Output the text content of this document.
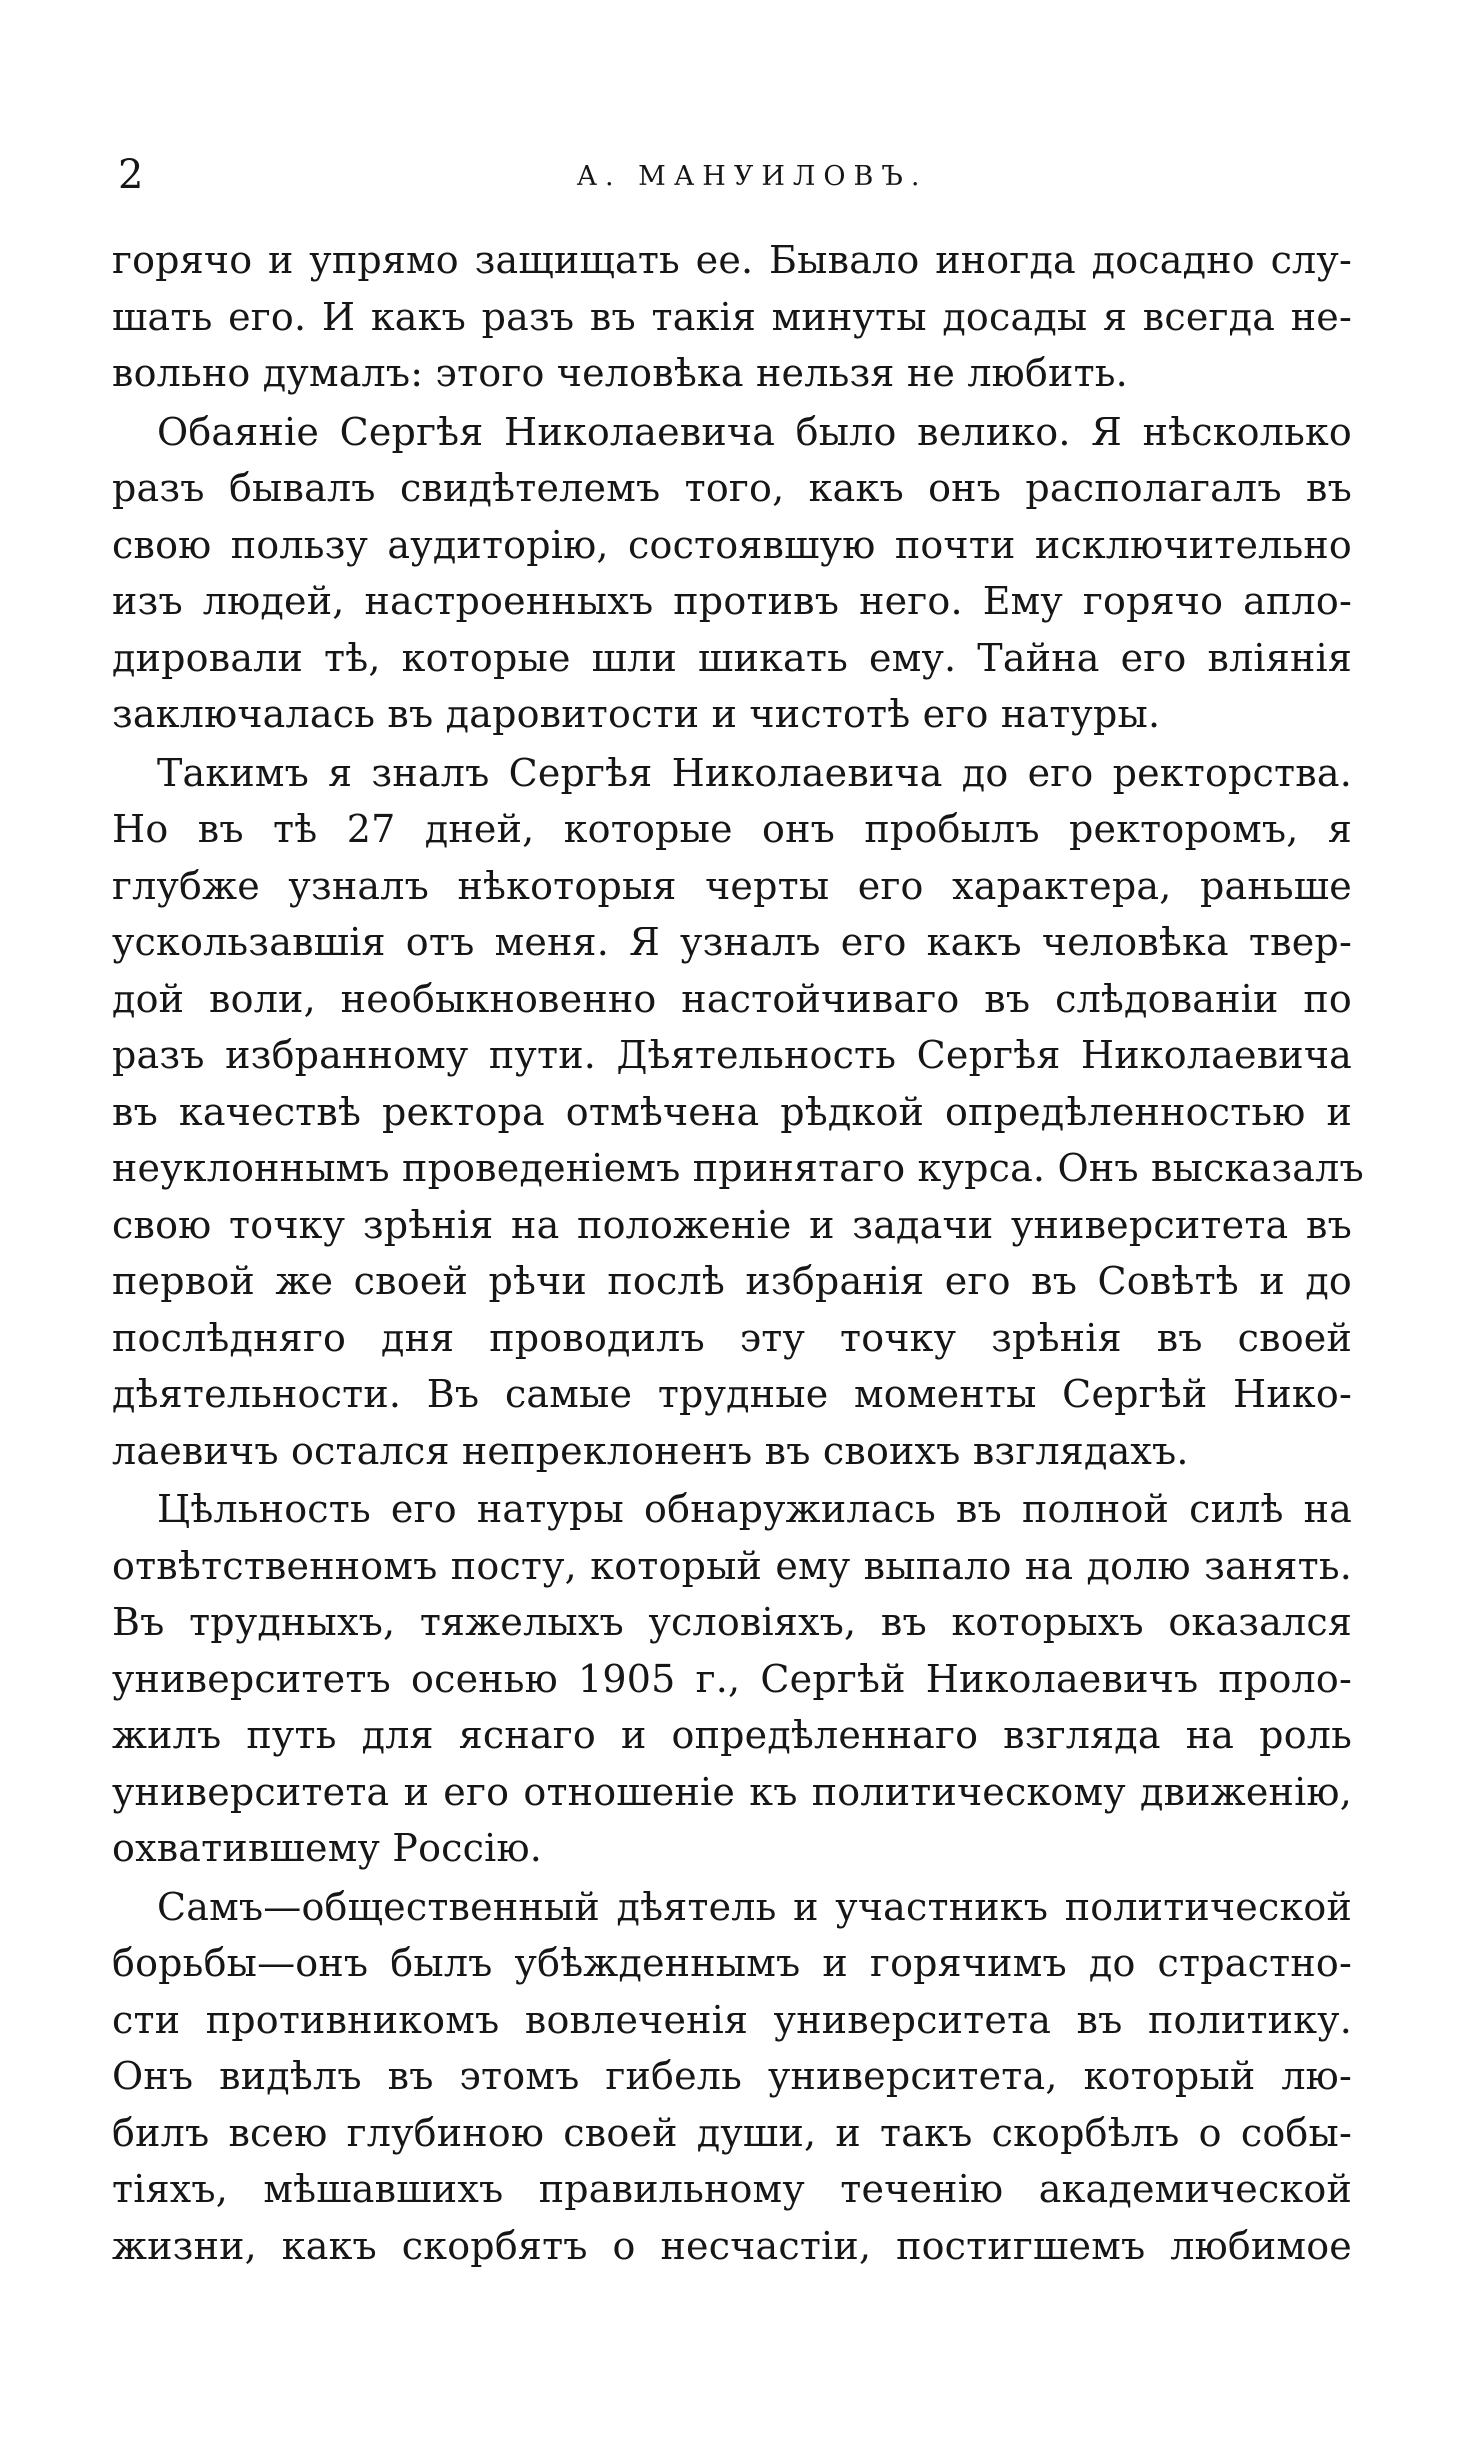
2	А. МАНУИЛОВЪ.
горячо и упрямо защищать ее. Бывало иногда досадно слу-
шать его. И какъ разъ въ такія минуты досады я всегда не-
вольно думалъ: этого человѣка нельзя не любить.
Обаяніе Сергѣя Николаевича было велико. Я нѣсколько
разъ бывалъ свидѣтелемъ того, какъ онъ располагалъ въ
свою пользу аудиторію, состоявшую почти исключительно
изъ людей, настроенныхъ противъ него. Ему горячо апло-
дировали тѣ, которые шли шикать ему. Тайна его вліянія
заключалась въ даровитости и чистотѣ его натуры.
Такимъ я зналъ Сергѣя Николаевича до его ректорства.
Но въ тѣ 27 дней, которые онъ пробылъ ректоромъ, я
глубже узналъ нѣкоторыя черты его характера, раньше
ускользавшія отъ меня. Я узналъ его какъ человѣка твер-
дой воли, необыкновенно настойчиваго въ слѣдованіи по
разъ избранному пути. Дѣятельность Сергѣя Николаевича
въ качествѣ ректора отмѣчена рѣдкой опредѣленностью и
неуклоннымъ проведеніемъ принятаго курса. Онъ высказалъ
свою точку зрѣнія на положеніе и задачи университета въ
первой же своей рѣчи послѣ избранія его въ Совѣтѣ и до
послѣдняго дня проводилъ эту точку зрѣнія въ своей
дѣятельности. Въ самые трудные моменты Сергѣй Нико-
лаевичъ остался непреклоненъ въ своихъ взглядахъ.
Цѣльность его натуры обнаружилась въ полной силѣ на
отвѣтственномъ посту, который ему выпало на долю занять.
Въ трудныхъ, тяжелыхъ условіяхъ, въ которыхъ оказался
университетъ осенью 1905 г., Сергѣй Николаевичъ проло-
жилъ путь для яснаго и опредѣленнаго взгляда на роль
университета и его отношеніе къ политическому движенію,
охватившему Россію.
Самъ—общественный дѣятель и участникъ политической
борьбы—онъ былъ убѣжденнымъ и горячимъ до страстно-
сти противникомъ вовлеченія университета въ политику.
Онъ видѣлъ въ этомъ гибель университета, который лю-
билъ всею глубиною своей души, и такъ скорбѣлъ о собы-
тіяхъ, мѣшавшихъ правильному теченію академической
жизни, какъ скорбятъ о несчастіи, постигшемъ любимое
